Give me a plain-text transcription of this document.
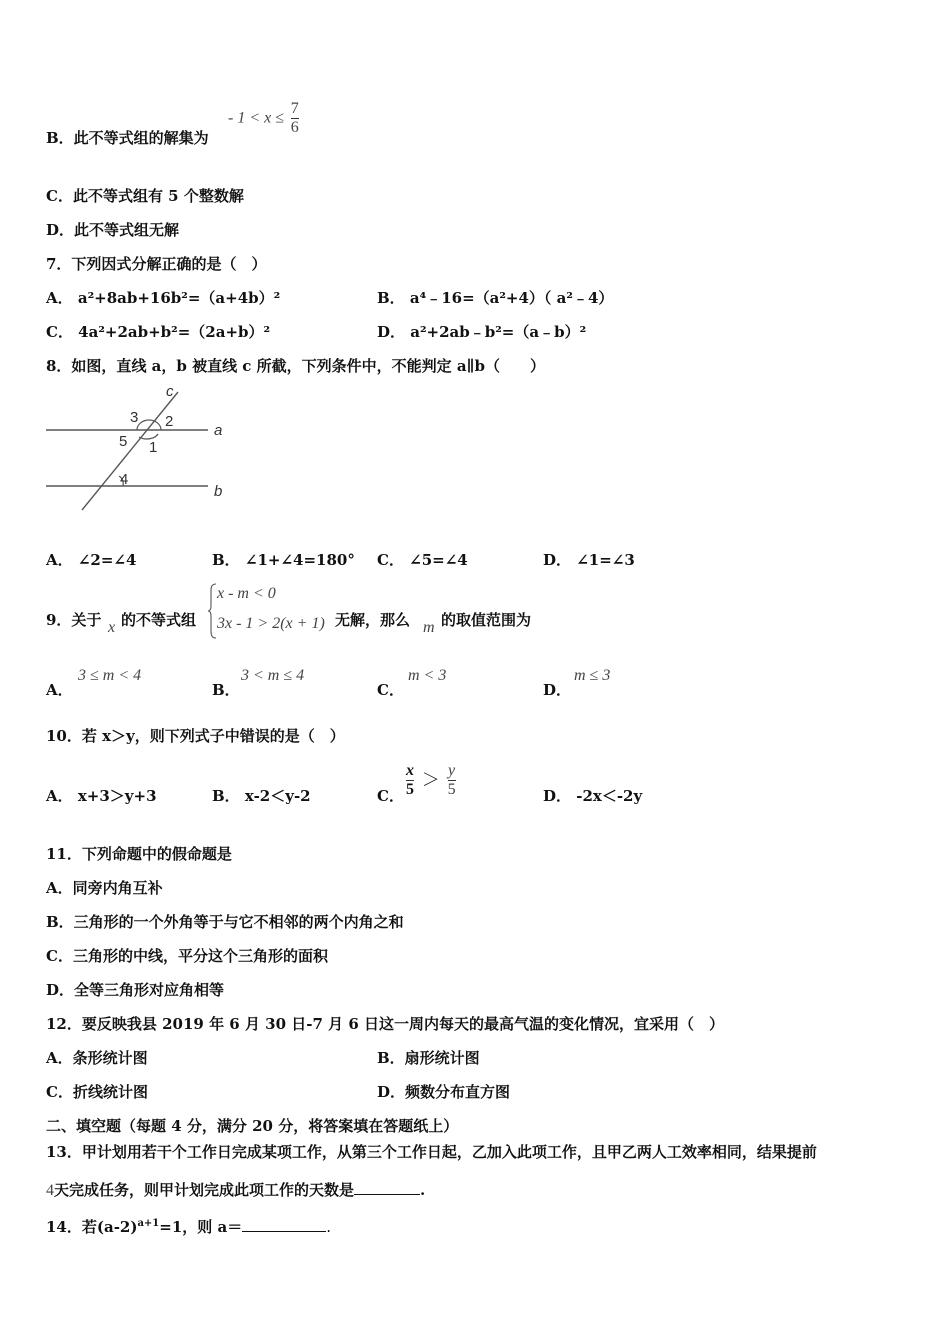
B．此不等式组的解集为
- $1 < x \le \frac{7}{6}$
C．此不等式组有 5 个整数解
D．此不等式组无解
7．下列因式分解正确的是（　）
A． a²+8ab+16b²=（a+4b）²	B． a⁴﹣16=（a²+4）（ a²﹣4）
C． 4a²+2ab+b²=（2a+b）²	D． a²+2ab﹣b²=（a﹣b）²
8．如图，直线 a，b 被直线 c 所截，下列条件中，不能判定 a∥b（　　）
c
a
b
3 2
5 1
4
A． ∠2=∠4	B． ∠1+∠4=180° C． ∠5=∠4	D． ∠1=∠3
9．关于 x 的不等式组
x - m < 0
3x - 1 > 2(x + 1) 无解，那么 m 的取值范围为
A．
3 ≤ m < 4
B．
3 < m ≤ 4
C．
m < 3
D．
m ≤ 3
10．若 x＞y，则下列式子中错误的是（　）
A． x+3＞y+3	B． x-2＜y-2	C． $\frac{x}{5} > \frac{y}{5}$	D． -2x＜-2y
11．下列命题中的假命题是
A．同旁内角互补
B．三角形的一个外角等于与它不相邻的两个内角之和
C．三角形的中线，平分这个三角形的面积
D．全等三角形对应角相等
12．要反映我县 2019 年 6 月 30 日-7 月 6 日这一周内每天的最高气温的变化情况，宜采用（　）
A．条形统计图	B．扇形统计图
C．折线统计图	D．频数分布直方图
二、填空题（每题 4 分，满分 20 分，将答案填在答题纸上）
13．甲计划用若干个工作日完成某项工作，从第三个工作日起，乙加入此项工作，且甲乙两人工效率相同，结果提前
4天完成任务，则甲计划完成此项工作的天数是	.
14．若$(a-2)^{a+1}=1$，则 a＝	.
